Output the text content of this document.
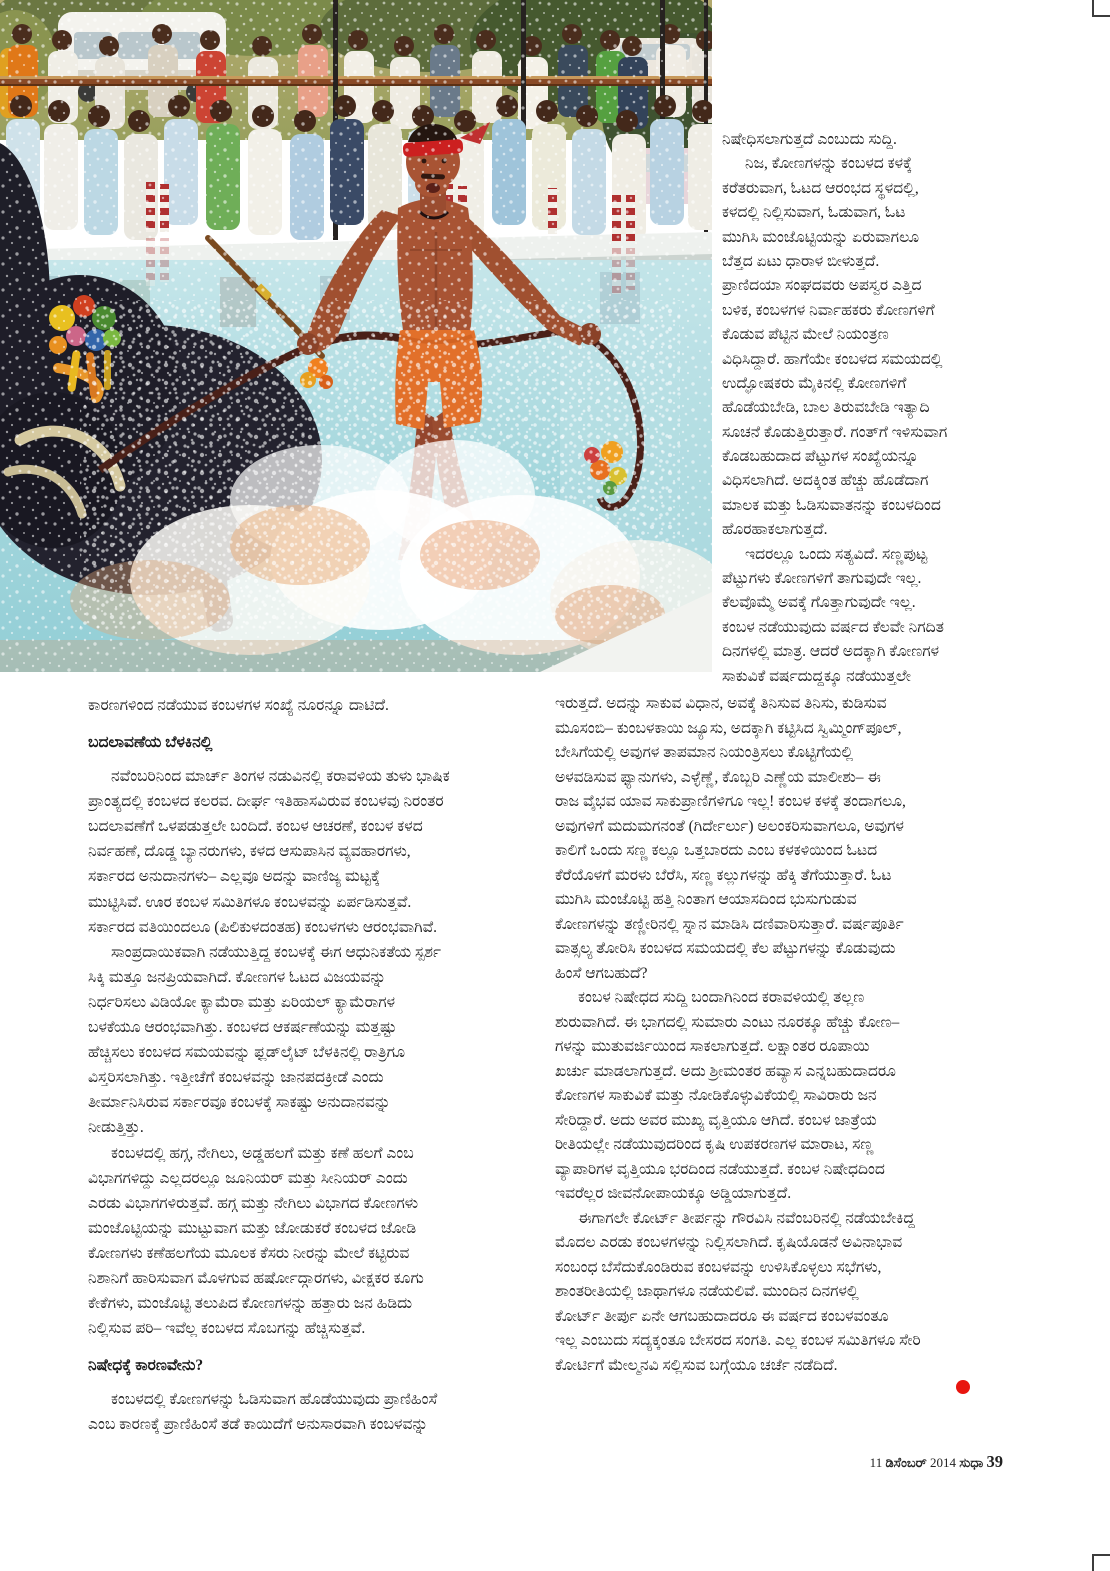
ನಿಷೇಧಿಸಲಾಗುತ್ತದೆ ಎಂಬುದು ಸುದ್ದಿ.
ನಿಜ, ಕೋಣಗಳನ್ನು ಕಂಬಳದ ಕಳಕ್ಕೆ
ಕರೆತರುವಾಗ, ಓಟದ ಆರಂಭದ ಸ್ಥಳದಲ್ಲಿ,
ಕಳದಲ್ಲಿ ನಿಲ್ಲಿಸುವಾಗ, ಓಡುವಾಗ, ಓಟ
ಮುಗಿಸಿ ಮಂಜೊಟ್ಟಿಯನ್ನು ಏರುವಾಗಲೂ
ಬೆತ್ತದ ಏಟು ಧಾರಾಳ ಬೀಳುತ್ತದೆ.
ಪ್ರಾಣಿದಯಾ ಸಂಘದವರು ಅಪಸ್ವರ ಎತ್ತಿದ
ಬಳಿಕ, ಕಂಬಳಗಳ ನಿರ್ವಾಹಕರು ಕೋಣಗಳಿಗೆ
ಕೊಡುವ ಪೆಟ್ಟಿನ ಮೇಲೆ ನಿಯಂತ್ರಣ
ವಿಧಿಸಿದ್ದಾರೆ. ಹಾಗೆಯೇ ಕಂಬಳದ ಸಮಯದಲ್ಲಿ
ಉದ್ಘೋಷಕರು ಮೈಕಿನಲ್ಲಿ ಕೋಣಗಳಿಗೆ
ಹೊಡೆಯಬೇಡಿ, ಬಾಲ ತಿರುವಬೇಡಿ ಇತ್ಯಾದಿ
ಸೂಚನೆ ಕೊಡುತ್ತಿರುತ್ತಾರೆ. ಗಂತ್‌ಗೆ ಇಳಿಸುವಾಗ
ಕೊಡಬಹುದಾದ ಪೆಟ್ಟುಗಳ ಸಂಖ್ಯೆಯನ್ನೂ
ವಿಧಿಸಲಾಗಿದೆ. ಅದಕ್ಕಿಂತ ಹೆಚ್ಚು ಹೊಡೆದಾಗ
ಮಾಲಕ ಮತ್ತು ಓಡಿಸುವಾತನನ್ನು ಕಂಬಳದಿಂದ
ಹೊರಹಾಕಲಾಗುತ್ತದೆ.
ಇದರಲ್ಲೂ ಒಂದು ಸತ್ಯವಿದೆ. ಸಣ್ಣಪುಟ್ಟ
ಪೆಟ್ಟುಗಳು ಕೋಣಗಳಿಗೆ ತಾಗುವುದೇ ಇಲ್ಲ.
ಕೆಲವೊಮ್ಮೆ ಅವಕ್ಕೆ ಗೊತ್ತಾಗುವುದೇ ಇಲ್ಲ.
ಕಂಬಳ ನಡೆಯುವುದು ವರ್ಷದ ಕೆಲವೇ ನಿಗದಿತ
ದಿನಗಳಲ್ಲಿ ಮಾತ್ರ. ಆದರೆ ಅದಕ್ಕಾಗಿ ಕೋಣಗಳ
ಸಾಕುವಿಕೆ ವರ್ಷದುದ್ದಕ್ಕೂ ನಡೆಯುತ್ತಲೇ
ಕಾರಣಗಳಿಂದ ನಡೆಯುವ ಕಂಬಳಗಳ ಸಂಖ್ಯೆ ನೂರನ್ನೂ ದಾಟಿದೆ.
ಬದಲಾವಣೆಯ ಬೆಳಕಿನಲ್ಲಿ
ನವೆಂಬರಿನಿಂದ ಮಾರ್ಚ್ ತಿಂಗಳ ನಡುವಿನಲ್ಲಿ ಕರಾವಳಿಯ ತುಳು ಭಾಷಿಕ
ಪ್ರಾಂತ್ಯದಲ್ಲಿ ಕಂಬಳದ ಕಲರವ. ದೀರ್ಘ ಇತಿಹಾಸವಿರುವ ಕಂಬಳವು ನಿರಂತರ
ಬದಲಾವಣೆಗೆ ಒಳಪಡುತ್ತಲೇ ಬಂದಿದೆ. ಕಂಬಳ ಆಚರಣೆ, ಕಂಬಳ ಕಳದ
ನಿರ್ವಹಣೆ, ದೊಡ್ಡ ಬ್ಯಾನರುಗಳು, ಕಳದ ಆಸುಪಾಸಿನ ವ್ಯವಹಾರಗಳು,
ಸರ್ಕಾರದ ಅನುದಾನಗಳು– ಎಲ್ಲವೂ ಅದನ್ನು ವಾಣಿಜ್ಯ ಮಟ್ಟಕ್ಕೆ
ಮುಟ್ಟಿಸಿವೆ. ಊರ ಕಂಬಳ ಸಮಿತಿಗಳೂ ಕಂಬಳವನ್ನು ಏರ್ಪಡಿಸುತ್ತವೆ.
ಸರ್ಕಾರದ ವತಿಯಿಂದಲೂ (ಪಿಲಿಕುಳದಂತಹ) ಕಂಬಳಗಳು ಆರಂಭವಾಗಿವೆ.
ಸಾಂಪ್ರದಾಯಿಕವಾಗಿ ನಡೆಯುತ್ತಿದ್ದ ಕಂಬಳಕ್ಕೆ ಈಗ ಆಧುನಿಕತೆಯ ಸ್ಪರ್ಶ
ಸಿಕ್ಕಿ ಮತ್ತೂ ಜನಪ್ರಿಯವಾಗಿದೆ. ಕೋಣಗಳ ಓಟದ ವಿಜಯವನ್ನು
ನಿರ್ಧರಿಸಲು ವಿಡಿಯೋ ಕ್ಯಾಮೆರಾ ಮತ್ತು ಏರಿಯಲ್ ಕ್ಯಾಮೆರಾಗಳ
ಬಳಕೆಯೂ ಆರಂಭವಾಗಿತ್ತು. ಕಂಬಳದ ಆಕರ್ಷಣೆಯನ್ನು ಮತ್ತಷ್ಟು
ಹೆಚ್ಚಿಸಲು ಕಂಬಳದ ಸಮಯವನ್ನು ಫ್ಲಡ್‌ಲೈಟ್ ಬೆಳಕಿನಲ್ಲಿ ರಾತ್ರಿಗೂ
ವಿಸ್ತರಿಸಲಾಗಿತ್ತು. ಇತ್ತೀಚೆಗೆ ಕಂಬಳವನ್ನು ಜಾನಪದಕ್ರೀಡೆ ಎಂದು
ತೀರ್ಮಾನಿಸಿರುವ ಸರ್ಕಾರವೂ ಕಂಬಳಕ್ಕೆ ಸಾಕಷ್ಟು ಅನುದಾನವನ್ನು
ನೀಡುತ್ತಿತ್ತು.
ಕಂಬಳದಲ್ಲಿ ಹಗ್ಗ, ನೇಗಿಲು, ಅಡ್ಡಹಲಗೆ ಮತ್ತು ಕಣೆ ಹಲಗೆ ಎಂಬ
ವಿಭಾಗಗಳಿದ್ದು ಎಲ್ಲದರಲ್ಲೂ ಜೂನಿಯರ್ ಮತ್ತು ಸೀನಿಯರ್ ಎಂದು
ಎರಡು ವಿಭಾಗಗಳಿರುತ್ತವೆ. ಹಗ್ಗ ಮತ್ತು ನೇಗಿಲು ವಿಭಾಗದ ಕೋಣಗಳು
ಮಂಜೊಟ್ಟಿಯನ್ನು ಮುಟ್ಟುವಾಗ ಮತ್ತು ಜೋಡುಕರೆ ಕಂಬಳದ ಜೋಡಿ
ಕೋಣಗಳು ಕಣೆಹಲಗೆಯ ಮೂಲಕ ಕೆಸರು ನೀರನ್ನು ಮೇಲೆ ಕಟ್ಟಿರುವ
ನಿಶಾನಿಗೆ ಹಾರಿಸುವಾಗ ಮೊಳಗುವ ಹರ್ಷೋದ್ಗಾರಗಳು, ವೀಕ್ಷಕರ ಕೂಗು
ಕೇಕೆಗಳು, ಮಂಜೊಟ್ಟಿ ತಲುಪಿದ ಕೋಣಗಳನ್ನು ಹತ್ತಾರು ಜನ ಹಿಡಿದು
ನಿಲ್ಲಿಸುವ ಪರಿ– ಇವೆಲ್ಲ ಕಂಬಳದ ಸೊಬಗನ್ನು ಹೆಚ್ಚಿಸುತ್ತವೆ.
ನಿಷೇಧಕ್ಕೆ ಕಾರಣವೇನು?
ಕಂಬಳದಲ್ಲಿ ಕೋಣಗಳನ್ನು ಓಡಿಸುವಾಗ ಹೊಡೆಯುವುದು ಪ್ರಾಣಿಹಿಂಸೆ
ಎಂಬ ಕಾರಣಕ್ಕೆ ಪ್ರಾಣಿಹಿಂಸೆ ತಡೆ ಕಾಯಿದೆಗೆ ಅನುಸಾರವಾಗಿ ಕಂಬಳವನ್ನು
ಇರುತ್ತದೆ. ಅದನ್ನು ಸಾಕುವ ವಿಧಾನ, ಅವಕ್ಕೆ ತಿನಿಸುವ ತಿನಿಸು, ಕುಡಿಸುವ
ಮೂಸಂಬಿ– ಕುಂಬಳಕಾಯಿ ಜ್ಯೂಸು, ಅದಕ್ಕಾಗಿ ಕಟ್ಟಿಸಿದ ಸ್ವಿಮ್ಮಿಂಗ್‌ಪೂಲ್,
ಬೇಸಿಗೆಯಲ್ಲಿ ಅವುಗಳ ತಾಪಮಾನ ನಿಯಂತ್ರಿಸಲು ಕೊಟ್ಟಿಗೆಯಲ್ಲಿ
ಅಳವಡಿಸುವ ಫ್ಯಾನುಗಳು, ಎಳ್ಳೆಣ್ಣೆ, ಕೊಬ್ಬರಿ ಎಣ್ಣೆಯ ಮಾಲೀಶು– ಈ
ರಾಜ ವೈಭವ ಯಾವ ಸಾಕುಪ್ರಾಣಿಗಳಿಗೂ ಇಲ್ಲ! ಕಂಬಳ ಕಳಕ್ಕೆ ತಂದಾಗಲೂ,
ಅವುಗಳಿಗೆ ಮದುಮಗನಂತೆ (ಗಿರ್ದೇರ್ಲು) ಅಲಂಕರಿಸುವಾಗಲೂ, ಅವುಗಳ
ಕಾಲಿಗೆ ಒಂದು ಸಣ್ಣ ಕಲ್ಲೂ ಒತ್ತಬಾರದು ಎಂಬ ಕಳಕಳಿಯಿಂದ ಓಟದ
ಕೆರೆಯೊಳಗೆ ಮರಳು ಬೆರೆಸಿ, ಸಣ್ಣ ಕಲ್ಲುಗಳನ್ನು ಹೆಕ್ಕಿ ತೆಗೆಯುತ್ತಾರೆ. ಓಟ
ಮುಗಿಸಿ ಮಂಜೊಟ್ಟಿ ಹತ್ತಿ ನಿಂತಾಗ ಆಯಾಸದಿಂದ ಭುಸುಗುಡುವ
ಕೋಣಗಳನ್ನು ತಣ್ಣೀರಿನಲ್ಲಿ ಸ್ನಾನ ಮಾಡಿಸಿ ದಣಿವಾರಿಸುತ್ತಾರೆ. ವರ್ಷಪೂರ್ತಿ
ವಾತ್ಸಲ್ಯ ತೋರಿಸಿ ಕಂಬಳದ ಸಮಯದಲ್ಲಿ ಕೆಲ ಪೆಟ್ಟುಗಳನ್ನು ಕೊಡುವುದು
ಹಿಂಸೆ ಆಗಬಹುದೆ?
ಕಂಬಳ ನಿಷೇಧದ ಸುದ್ದಿ ಬಂದಾಗಿನಿಂದ ಕರಾವಳಿಯಲ್ಲಿ ತಲ್ಲಣ
ಶುರುವಾಗಿದೆ. ಈ ಭಾಗದಲ್ಲಿ ಸುಮಾರು ಎಂಟು ನೂರಕ್ಕೂ ಹೆಚ್ಚು ಕೋಣ–
ಗಳನ್ನು ಮುತುವರ್ಜಿಯಿಂದ ಸಾಕಲಾಗುತ್ತದೆ. ಲಕ್ಷಾಂತರ ರೂಪಾಯಿ
ಖರ್ಚು ಮಾಡಲಾಗುತ್ತದೆ. ಅದು ಶ್ರೀಮಂತರ ಹವ್ಯಾಸ ಎನ್ನಬಹುದಾದರೂ
ಕೋಣಗಳ ಸಾಕುವಿಕೆ ಮತ್ತು ನೋಡಿಕೊಳ್ಳುವಿಕೆಯಲ್ಲಿ ಸಾವಿರಾರು ಜನ
ಸೇರಿದ್ದಾರೆ. ಅದು ಅವರ ಮುಖ್ಯ ವೃತ್ತಿಯೂ ಆಗಿದೆ. ಕಂಬಳ ಜಾತ್ರೆಯ
ರೀತಿಯಲ್ಲೇ ನಡೆಯುವುದರಿಂದ ಕೃಷಿ ಉಪಕರಣಗಳ ಮಾರಾಟ, ಸಣ್ಣ
ವ್ಯಾಪಾರಿಗಳ ವೃತ್ತಿಯೂ ಭರದಿಂದ ನಡೆಯುತ್ತದೆ. ಕಂಬಳ ನಿಷೇಧದಿಂದ
ಇವರೆಲ್ಲರ ಜೀವನೋಪಾಯಕ್ಕೂ ಅಡ್ಡಿಯಾಗುತ್ತದೆ.
ಈಗಾಗಲೇ ಕೋರ್ಟ್ ತೀರ್ಪನ್ನು ಗೌರವಿಸಿ ನವೆಂಬರಿನಲ್ಲಿ ನಡೆಯಬೇಕಿದ್ದ
ಮೊದಲ ಎರಡು ಕಂಬಳಗಳನ್ನು ನಿಲ್ಲಿಸಲಾಗಿದೆ. ಕೃಷಿಯೊಡನೆ ಅವಿನಾಭಾವ
ಸಂಬಂಧ ಬೆಸೆದುಕೊಂಡಿರುವ ಕಂಬಳವನ್ನು ಉಳಿಸಿಕೊಳ್ಳಲು ಸಭೆಗಳು,
ಶಾಂತರೀತಿಯಲ್ಲಿ ಜಾಥಾಗಳೂ ನಡೆಯಲಿವೆ. ಮುಂದಿನ ದಿನಗಳಲ್ಲಿ
ಕೋರ್ಟ್ ತೀರ್ಪು ಏನೇ ಆಗಬಹುದಾದರೂ ಈ ವರ್ಷದ ಕಂಬಳವಂತೂ
ಇಲ್ಲ ಎಂಬುದು ಸದ್ಯಕ್ಕಂತೂ ಬೇಸರದ ಸಂಗತಿ. ಎಲ್ಲ ಕಂಬಳ ಸಮಿತಿಗಳೂ ಸೇರಿ
ಕೋರ್ಟಿಗೆ ಮೇಲ್ಮನವಿ ಸಲ್ಲಿಸುವ ಬಗ್ಗೆಯೂ ಚರ್ಚೆ ನಡೆದಿದೆ.
11 ಡಿಸೆಂಬರ್ 2014 ಸುಧಾ 39
